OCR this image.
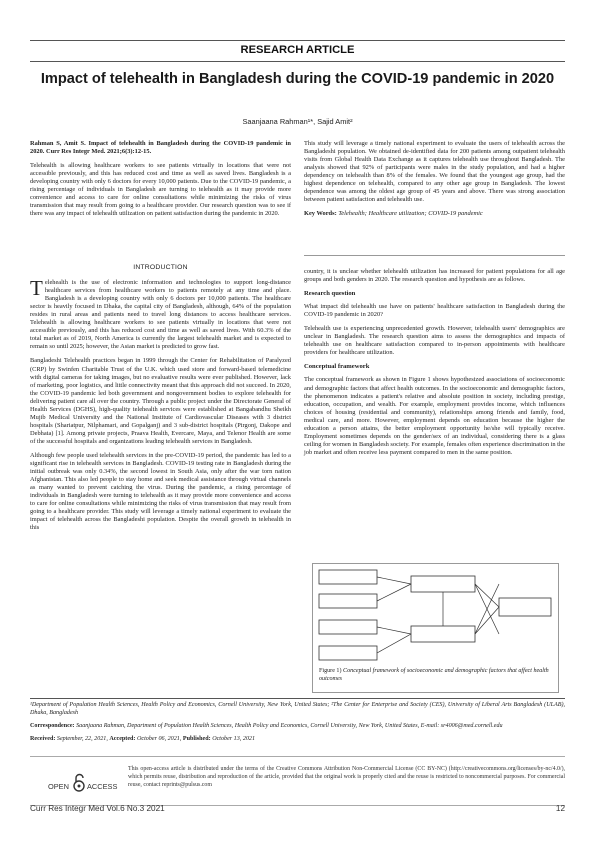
RESEARCH ARTICLE
Impact of telehealth in Bangladesh during the COVID-19 pandemic in 2020
Saanjaana Rahman¹*, Sajid Amit²

Rahman S, Amit S. Impact of telehealth in Bangladesh during the COVID-19 pandemic in 2020. Curr Res Integr Med. 2021;6(3):12-15.

Telehealth is allowing healthcare workers to see patients virtually in locations that were not accessible previously, and this has reduced cost and time as well as saved lives. Bangladesh is a developing country with only 6 doctors for every 10,000 patients. Due to the COVID-19 pandemic, a rising percentage of individuals in Bangladesh are turning to telehealth as it may provide more convenience and access to care for online consultations while minimizing the risks of virus transmission that may result from going to a healthcare provider. Our research question was to see if there was any impact of telehealth utilization on patient satisfaction during the pandemic in 2020.

This study will leverage a timely national experiment to evaluate the users of telehealth across the Bangladeshi population. We obtained de-identified data for 200 patients among outpatient telehealth visits from Global Health Data Exchange as it captures telehealth use throughout Bangladesh. The analysis showed that 92% of participants were males in the study population, and had a higher dependency on telehealth than 8% of the females. We found that the youngest age group, had the highest dependence on telehealth, compared to any other age group in Bangladesh. The lowest dependence was among the oldest age group of 45 years and above. There was strong association between patient satisfaction and telehealth use.

Key Words: Telehealth; Healthcare utilization; COVID-19 pandemic

INTRODUCTION

Telehealth is the use of electronic information and technologies to support long-distance healthcare services from healthcare workers to patients remotely at any time and place. Bangladesh is a developing country with only 6 doctors per 10,000 patients. The healthcare sector is heavily focused in Dhaka, the capital city of Bangladesh, although, 64% of the population resides in rural areas and patients need to travel long distances to access healthcare services. Telehealth is allowing healthcare workers to see patients virtually in locations that were not accessible previously, and this has reduced cost and time as well as saved lives. With 60.3% of the total market as of 2019, North America is currently the largest telehealth market and is expected to remain so until 2025; however, the Asian market is predicted to grow fast.

Bangladeshi Telehealth practices began in 1999 through the Center for Rehabilitation of Paralyzed (CRP) by Swinfen Charitable Trust of the U.K. which used store and forward-based telemedicine with digital cameras for taking images, but no evaluative results were ever published. However, lack of marketing, poor logistics, and little connectivity meant that this approach did not succeed. In 2020, the COVID-19 pandemic led both government and nongovernment bodies to explore telehealth for delivering patient care all over the country. Through a public project under the Directorate General of Health Services (DGHS), high-quality telehealth services were established at Bangabandhu Sheikh Mujib Medical University and the National Institute of Cardiovascular Diseases with 3 district hospitals (Shariatpur, Nilphamari, and Gopalganj) and 3 sub-district hospitals (Pirgonj, Dakope and Debhata) [1]. Among private projects, Praava Health, Evercare, Maya, and Telenor Health are some of the successful hospitals and organizations leading telehealth services in Bangladesh.

Although few people used telehealth services in the pre-COVID-19 period, the pandemic has led to a significant rise in telehealth services in Bangladesh. COVID-19 testing rate in Bangladesh during the initial outbreak was only 0.34%, the second lowest in South Asia, only after the war torn nation Afghanistan. This also led people to stay home and seek medical assistance through virtual channels as many wanted to prevent catching the virus. During the pandemic, a rising percentage of individuals in Bangladesh were turning to telehealth as it may provide more convenience and access to care for online consultations while minimizing the risks of virus transmission that may result from going to a healthcare provider. This study will leverage a timely national experiment to evaluate the impact of telehealth across the Bangladeshi population. Despite the overall growth in telehealth in this

country, it is unclear whether telehealth utilization has increased for patient populations for all age groups and both genders in 2020. The research question and hypothesis are as follows.

Research question

What impact did telehealth use have on patients' healthcare satisfaction in Bangladesh during the COVID-19 pandemic in 2020?

Telehealth use is experiencing unprecedented growth. However, telehealth users' demographics are unclear in Bangladesh. The research question aims to assess the demographics and impacts of telehealth use on healthcare satisfaction compared to in-person appointments with healthcare providers for healthcare utilization.

Conceptual framework

The conceptual framework as shown in Figure 1 shows hypothesized associations of socioeconomic and demographic factors that affect health outcomes. In the socioeconomic and demographic factors, the phenomenon indicates a patient's relative and absolute position in society, including prestige, education, occupation, and wealth. For example, employment provides income, which influences choices of housing (residential and community), relationships among friends and family, food, medical care, and more. However, employment depends on education because the higher the education a person attains, the better employment opportunity he/she will typically receive. Employment sometimes depends on the gender/sex of an individual, considering there is a glass ceiling for women in Bangladesh society. For example, females often experience discrimination in the job market and often receive less payment compared to men in the same position.

Figure 1) Conceptual framework of socioeconomic and demographic factors that affect health outcomes
¹Department of Population Health Sciences, Health Policy and Economics, Cornell University, New York, United States; ²The Center for Enterprise and Society (CES), University of Liberal Arts Bangladesh (ULAB), Dhaka, Bangladesh
Correspondence: Saanjaana Rahman, Department of Population Health Sciences, Health Policy and Economics, Cornell University, New York, United States, E-mail: sr4006@med.cornell.edu
Received: September, 22, 2021, Accepted: October 06, 2021, Published: October 13, 2021
OPEN ACCESS
This open-access article is distributed under the terms of the Creative Commons Attribution Non-Commercial License (CC BY-NC) (http://creativecommons.org/licenses/by-nc/4.0/), which permits reuse, distribution and reproduction of the article, provided that the original work is properly cited and the reuse is restricted to noncommercial purposes. For commercial reuse, contact reprints@pulsus.com
Curr Res Integr Med Vol.6 No.3 2021	12
